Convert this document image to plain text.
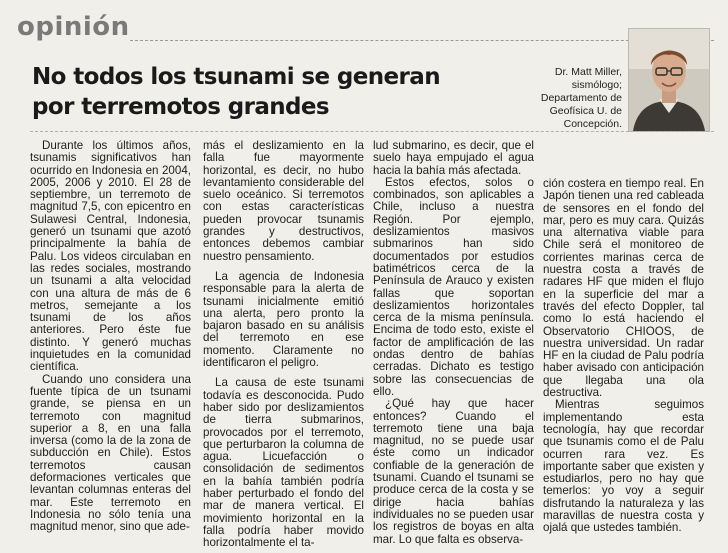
opinión
No todos los tsunami se generan
por terremotos grandes
Dr. Matt Miller,
sismólogo;
Departamento de
Geofísica U. de
Concepción.

Durante los últimos años, tsunamis significativos han ocurrido en Indonesia en 2004, 2005, 2006 y 2010. El 28 de septiembre, un terremoto de magnitud 7,5, con epicentro en Sulawesi Central, Indonesia, generó un tsunami que azotó principalmente la bahía de Palu. Los videos circulaban en las redes sociales, mostrando un tsunami a alta velocidad con una altura de más de 6 metros, semejante a los tsunami de los años anteriores. Pero éste fue distinto. Y generó muchas inquietudes en la comunidad científica.

Cuando uno considera una fuente típica de un tsunami grande, se piensa en un terremoto con magnitud superior a 8, en una falla inversa (como la de la zona de subducción en Chile). Estos terremotos causan deformaciones verticales que levantan columnas enteras del mar. Este terremoto en Indonesia no sólo tenía una magnitud menor, sino que ade-

más el deslizamiento en la falla fue mayormente horizontal, es decir, no hubo levantamiento considerable del suelo oceánico. Si terremotos con estas características pueden provocar tsunamis grandes y destructivos, entonces debemos cambiar nuestro pensamiento.

La agencia de Indonesia responsable para la alerta de tsunami inicialmente emitió una alerta, pero pronto la bajaron basado en su análisis del terremoto en ese momento. Claramente no identificaron el peligro.

La causa de este tsunami todavía es desconocida. Pudo haber sido por deslizamientos de tierra submarinos, provocados por el terremoto, que perturbaron la columna de agua. Licuefacción o consolidación de sedimentos en la bahía también podría haber perturbado el fondo del mar de manera vertical. El movimiento horizontal en la falla podría haber movido horizontalmente el ta-

lud submarino, es decir, que el suelo haya empujado el agua hacia la bahía más afectada.

Estos efectos, solos o combinados, son aplicables a Chile, incluso a nuestra Región. Por ejemplo, deslizamientos masivos submarinos han sido documentados por estudios batimétricos cerca de la Península de Arauco y existen fallas que soportan deslizamientos horizontales cerca de la misma península. Encima de todo esto, existe el factor de amplificación de las ondas dentro de bahías cerradas. Dichato es testigo sobre las consecuencias de ello.

¿Qué hay que hacer entonces? Cuando el terremoto tiene una baja magnitud, no se puede usar éste como un indicador confiable de la generación de tsunami. Cuando el tsunami se produce cerca de la costa y se dirige hacia bahías individuales no se pueden usar los registros de boyas en alta mar. Lo que falta es observa-

ción costera en tiempo real. En Japón tienen una red cableada de sensores en el fondo del mar, pero es muy cara. Quizás una alternativa viable para Chile será el monitoreo de corrientes marinas cerca de nuestra costa a través de radares HF que miden el flujo en la superficie del mar a través del efecto Doppler, tal como lo está haciendo el Observatorio CHIOOS, de nuestra universidad. Un radar HF en la ciudad de Palu podría haber avisado con anticipación que llegaba una ola destructiva.

Mientras seguimos implementando esta tecnología, hay que recordar que tsunamis como el de Palu ocurren rara vez. Es importante saber que existen y estudiarlos, pero no hay que temerlos: yo voy a seguir disfrutando la naturaleza y las maravillas de nuestra costa y ojalá que ustedes también.
